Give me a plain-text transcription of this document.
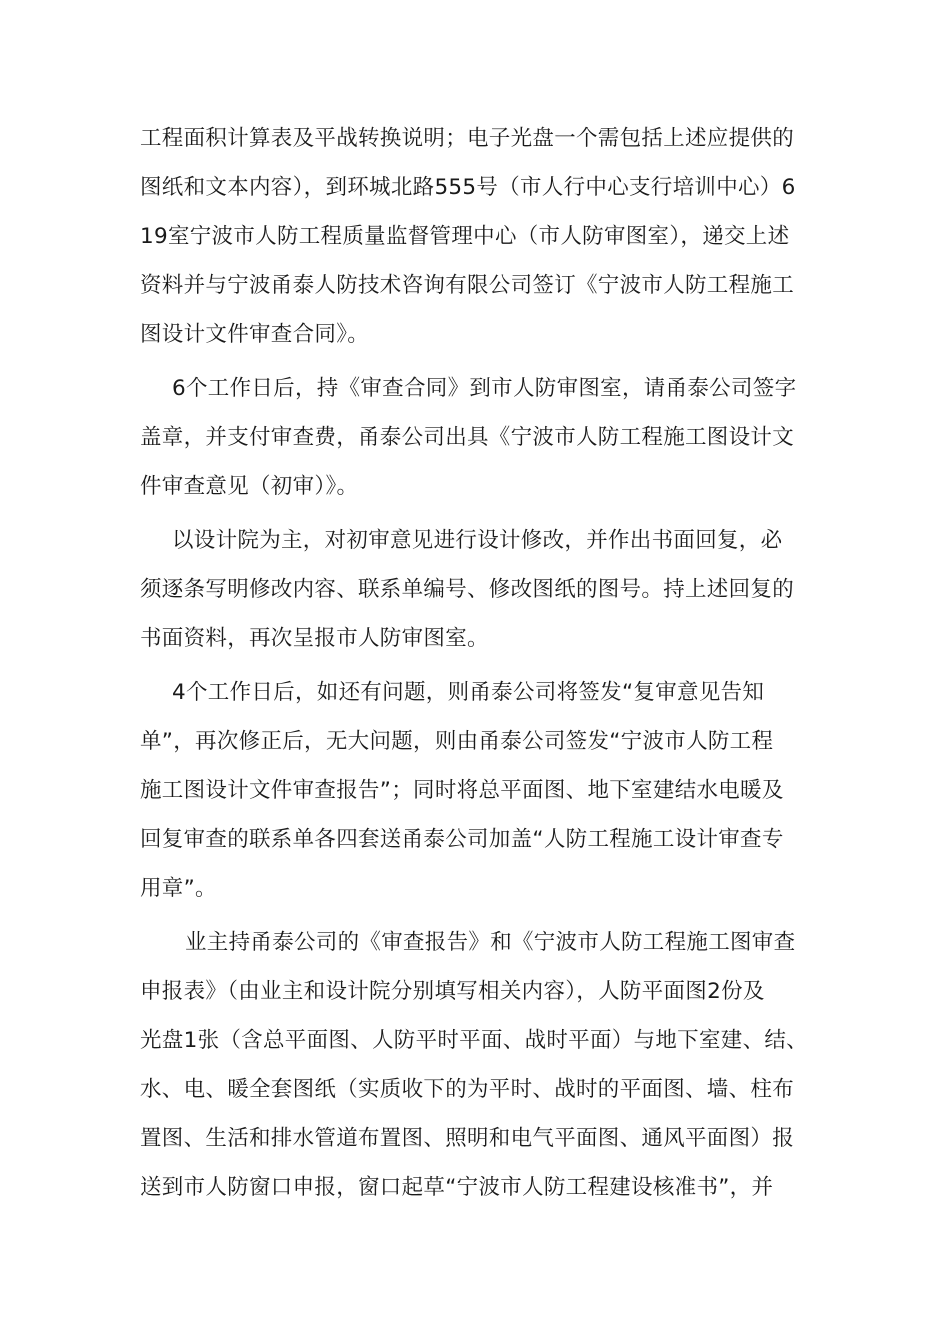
工程面积计算表及平战转换说明；电子光盘一个需包括上述应提供的
图纸和文本内容），到环城北路555号（市人行中心支行培训中心）6
19室宁波市人防工程质量监督管理中心（市人防审图室），递交上述
资料并与宁波甬泰人防技术咨询有限公司签订《宁波市人防工程施工
图设计文件审查合同》。
6个工作日后，持《审查合同》到市人防审图室，请甬泰公司签字
盖章，并支付审查费，甬泰公司出具《宁波市人防工程施工图设计文
件审查意见（初审）》。
以设计院为主，对初审意见进行设计修改，并作出书面回复，必
须逐条写明修改内容、联系单编号、修改图纸的图号。持上述回复的
书面资料，再次呈报市人防审图室。
4个工作日后，如还有问题，则甬泰公司将签发“复审意见告知
单”，再次修正后，无大问题，则由甬泰公司签发“宁波市人防工程
施工图设计文件审查报告”；同时将总平面图、地下室建结水电暖及
回复审查的联系单各四套送甬泰公司加盖“人防工程施工设计审查专
用章”。
业主持甬泰公司的《审查报告》和《宁波市人防工程施工图审查
申报表》（由业主和设计院分别填写相关内容），人防平面图2份及
光盘1张（含总平面图、人防平时平面、战时平面）与地下室建、结、
水、电、暖全套图纸（实质收下的为平时、战时的平面图、墙、柱布
置图、生活和排水管道布置图、照明和电气平面图、通风平面图）报
送到市人防窗口申报，窗口起草“宁波市人防工程建设核准书”，并
